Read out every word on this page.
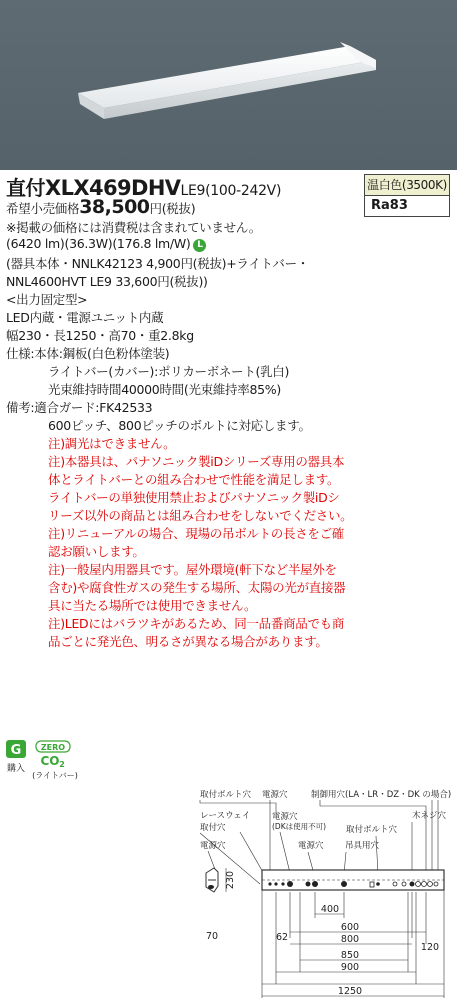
直付XLX469DHVLE9(100-242V)	温白色(3500K)
Ra83
希望小売価格38,500円(税抜)
※掲載の価格には消費税は含まれていません。
(6420 lm)(36.3W)(176.8 lm/W) L
(器具本体・NNLK42123 4,900円(税抜)+ライトバー・
NNL4600HVT LE9 33,600円(税抜))
<出力固定型>
LED内蔵・電源ユニット内蔵
幅230・長1250・高70・重2.8kg
仕様:本体:鋼板(白色粉体塗装)
ライトバー(カバー):ポリカーボネート(乳白)
光束維持時間40000時間(光束維持率85%)
備考:適合ガード:FK42533
600ピッチ、800ピッチのボルトに対応します。
注)調光はできません。
注)本器具は、パナソニック製iDシリーズ専用の器具本
体とライトバーとの組み合わせで性能を満足します。
ライトバーの単独使用禁止およびパナソニック製iDシ
リーズ以外の商品とは組み合わせをしないでください。
注)リニューアルの場合、現場の吊ボルトの長さをご確
認お願いします。
注)一般屋内用器具です。屋外環境(軒下など半屋外を
含む)や腐食性ガスの発生する場所、太陽の光が直接器
具に当たる場所では使用できません。
注)LEDにはバラツキがあるため、同一品番商品でも商
品ごとに発光色、明るさが異なる場合があります。
G
購入
ZERO
CO 2
(ライトバー)
取付ボルト穴 電源穴	制御用穴(LA・LR・DZ・DK の場合)
レースウェイ
取付穴
電源穴
(DKは使用不可) 取付ボルト穴
木ネジ穴
電源穴	電源穴	吊具用穴
230
70	62
400
600
800
120
850
900
1250
